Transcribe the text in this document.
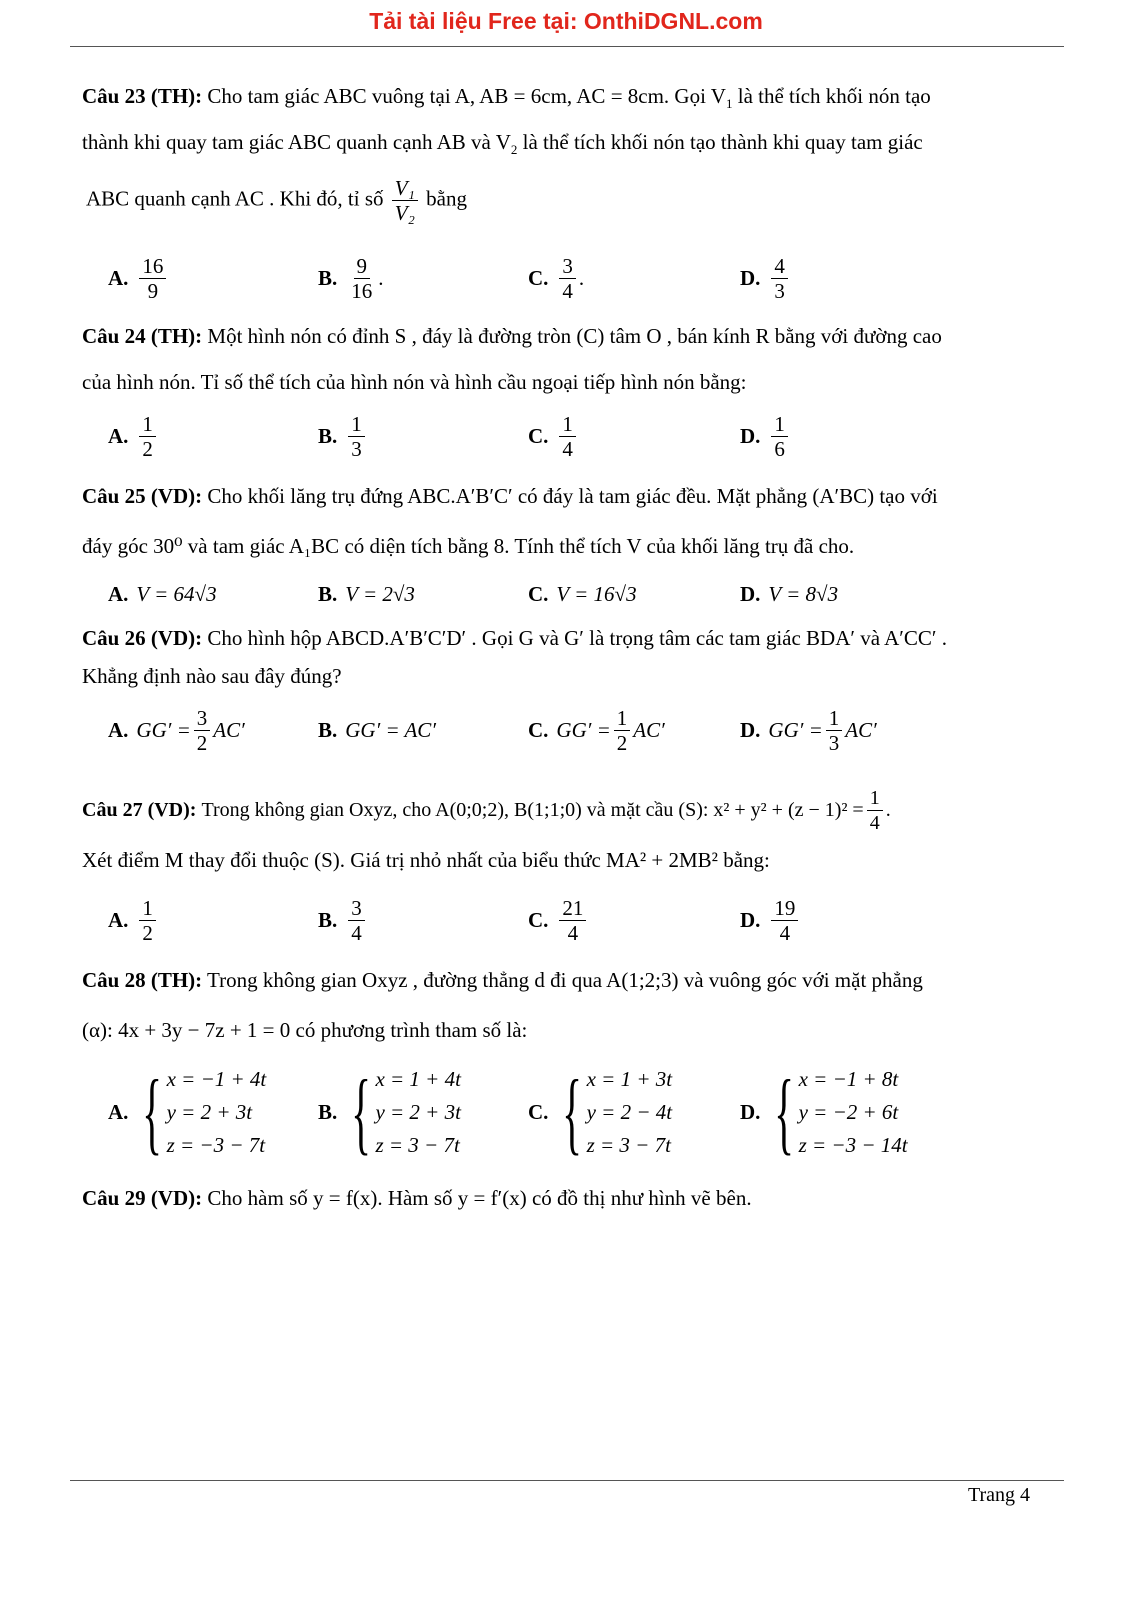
Tải tài liệu Free tại: OnthiDGNL.com
Câu 23 (TH): Cho tam giác ABC vuông tại A, AB = 6cm, AC = 8cm. Gọi $V_1$ là thể tích khối nón tạo
thành khi quay tam giác ABC quanh cạnh AB và $V_2$ là thể tích khối nón tạo thành khi quay tam giác
ABC quanh cạnh AC . Khi đó, tỉ số $\frac{\text{V₁}}{\text{V₂}}$ bằng
A. $\frac{16}{9}$	B. $\frac{9}{16}$ .	C. $\frac{3}{4}$ .	D. $\frac{4}{3}$
Câu 24 (TH): Một hình nón có đỉnh S , đáy là đường tròn (C) tâm O , bán kính R bằng với đường cao
của hình nón. Tỉ số thể tích của hình nón và hình cầu ngoại tiếp hình nón bằng:
A. $\frac{1}{2}$	B. $\frac{1}{3}$	C. $\frac{1}{4}$	D. $\frac{1}{6}$
Câu 25 (VD): Cho khối lăng trụ đứng ABC.A′B′C′ có đáy là tam giác đều. Mặt phẳng (A′BC) tạo với
đáy góc 30⁰ và tam giác A₁BC có diện tích bằng 8. Tính thể tích V của khối lăng trụ đã cho.
A. V = 64√3	B. V = 2√3	C. V = 16√3	D. V = 8√3
Câu 26 (VD): Cho hình hộp ABCD.A′B′C′D′ . Gọi G và G′ là trọng tâm các tam giác BDA′ và A′CC′ .
Khẳng định nào sau đây đúng?
A. $GG' = \frac{3}{2} AC'$	B. GG′ = AC′	C. $GG' = \frac{1}{2} AC'$	D. $GG' = \frac{1}{3} AC'$
Câu 27 (VD):
Trong không gian Oxyz, cho A(0;0;2), B(1;1;0) và mặt cầu (S): $x^2 + y^2 + (z - 1)^2 = \frac{1}{4}$ .
Xét điểm M thay đổi thuộc (S). Giá trị nhỏ nhất của biểu thức MA² + 2MB² bằng:
A. $\frac{1}{2}$	B. $\frac{3}{4}$	C. $\frac{21}{4}$	D. $\frac{19}{4}$
Câu 28 (TH): Trong không gian Oxyz , đường thẳng d đi qua A(1;2;3) và vuông góc với mặt phẳng
(α): 4x + 3y − 7z + 1 = 0 có phương trình tham số là:
A. { x = −1 + 4t
y = 2 + 3t
z = −3 − 7t
B. { x = 1 + 4t
y = 2 + 3t
z = 3 − 7t
C. { x = 1 + 3t
y = 2 − 4t
z = 3 − 7t
D. { x = −1 + 8t
y = −2 + 6t
z = −3 − 14t
Câu 29 (VD): Cho hàm số y = f(x). Hàm số y = f′(x) có đồ thị như hình vẽ bên.
Trang 4
